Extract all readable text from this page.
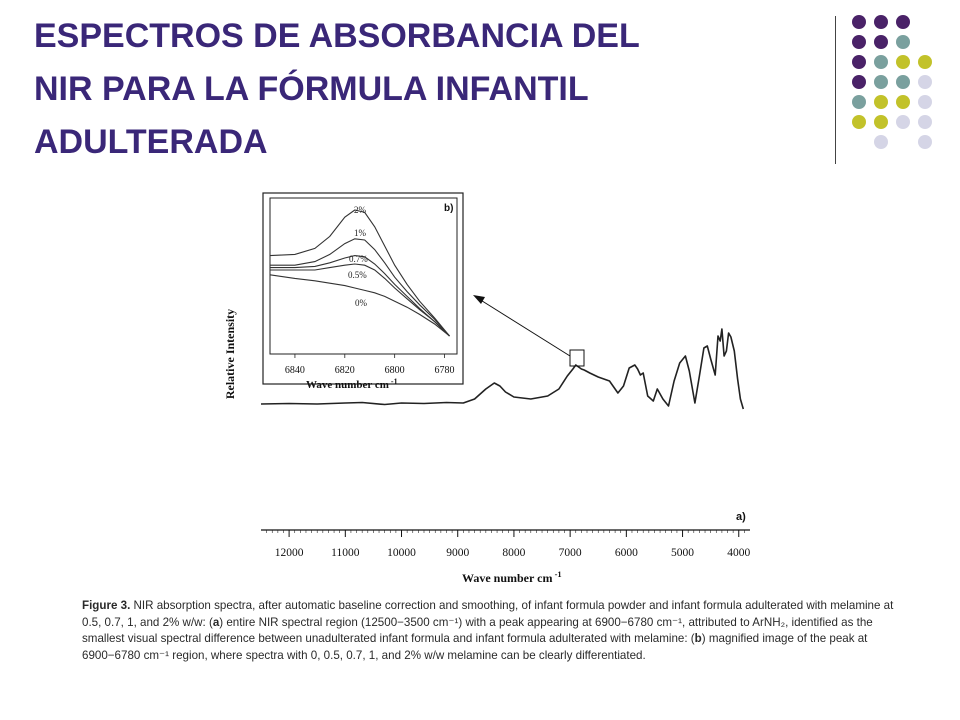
ESPECTROS DE ABSORBANCIA DEL
NIR PARA LA FÓRMULA INFANTIL
ADULTERADA
12000 11000 10000	9000	8000	7000	6000	5000	4000
Wave number cm $^{-1}$
Relative Intensity
a)
2%
1%
0.7%
0.5%
0%
6840	6820	6800	6780
Wave number cm $^{-1}$
b)
Figure 3. NIR absorption spectra, after automatic baseline correction and smoothing, of infant formula powder and infant formula adulterated with melamine at
0.5, 0.7, 1, and 2% w/w: (a) entire NIR spectral region (12500−3500 cm⁻¹) with a peak appearing at 6900−6780 cm⁻¹, attributed to ArNH₂, identified as the
smallest visual spectral difference between unadulterated infant formula and infant formula adulterated with melamine: (b) magnified image of the peak at
6900−6780 cm⁻¹ region, where spectra with 0, 0.5, 0.7, 1, and 2% w/w melamine can be clearly differentiated.
